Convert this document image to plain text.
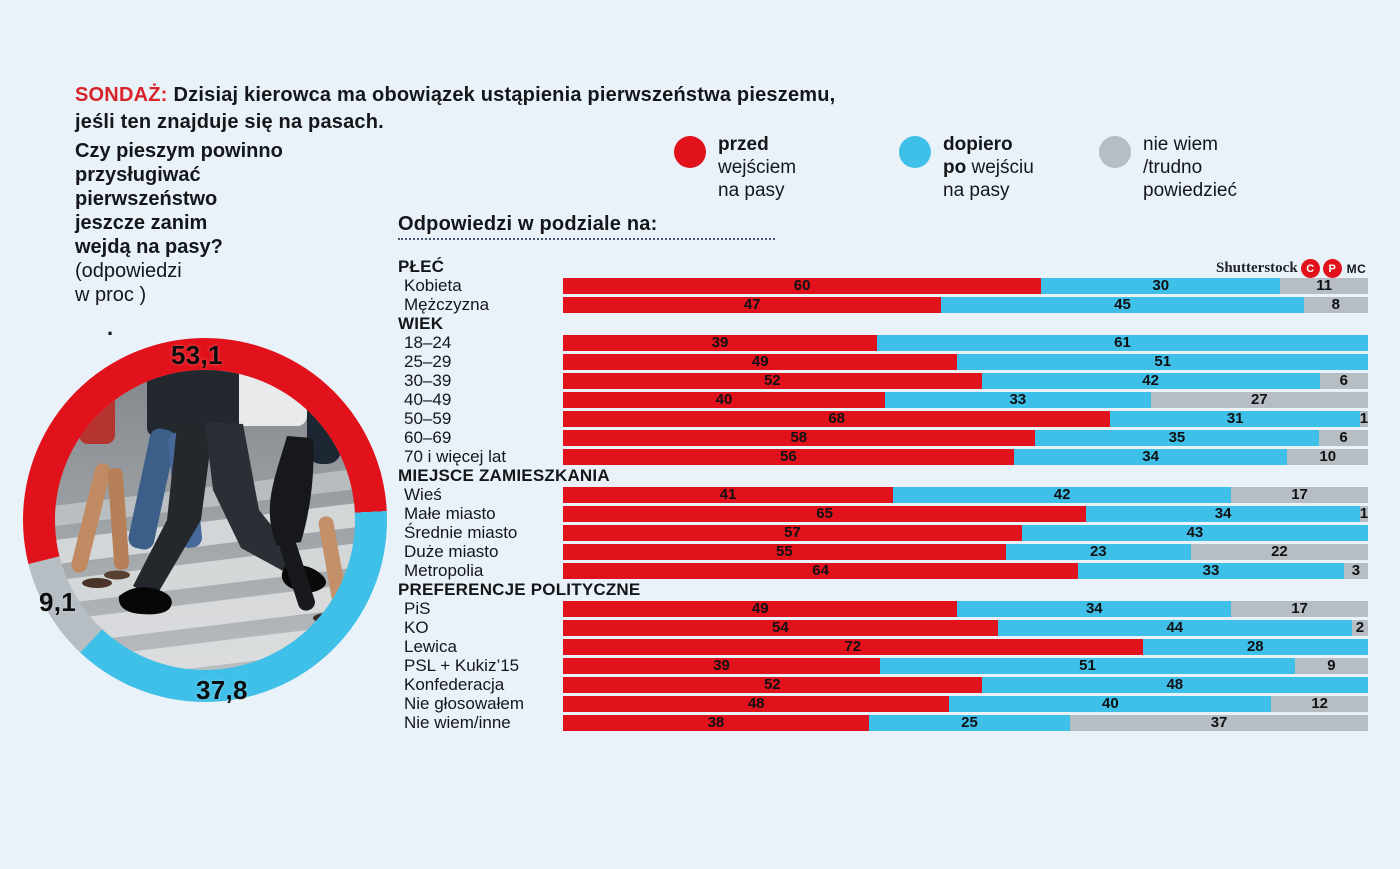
SONDAŻ: Dzisiaj kierowca ma obowiązek ustąpienia pierwszeństwa pieszemu,
jeśli ten znajduje się na pasach.
Czy pieszym powinno
przysługiwać
pierwszeństwo
jeszcze zanim
wejdą na pasy?
(odpowiedzi
w proc )
.
przed
wejściem
na pasy
dopiero
po wejściu
na pasy
nie wiem
/trudno
powiedzieć
Odpowiedzi w podziale na:
Shutterstock C	P MC
53,1
37,8
9,1
PŁEĆ
Kobieta	60	30	11
Mężczyzna	47	45	8
WIEK
18–24	39	61
25–29	49	51
30–39	52	42	6
40–49	40	33	27
50–59	68	31	1
60–69	58	35	6
70 i więcej lat	56	34	10
MIEJSCE ZAMIESZKANIA
Wieś	41	42	17
Małe miasto	65	34	1
Średnie miasto	57	43
Duże miasto	55	23	22
Metropolia	64	33	3
PREFERENCJE POLITYCZNE
PiS	49	34	17
KO	54	44	2
Lewica	72	28
PSL + Kukiz’15	39	51	9
Konfederacja	52	48
Nie głosowałem	48	40	12
Nie wiem/inne	38	25	37
